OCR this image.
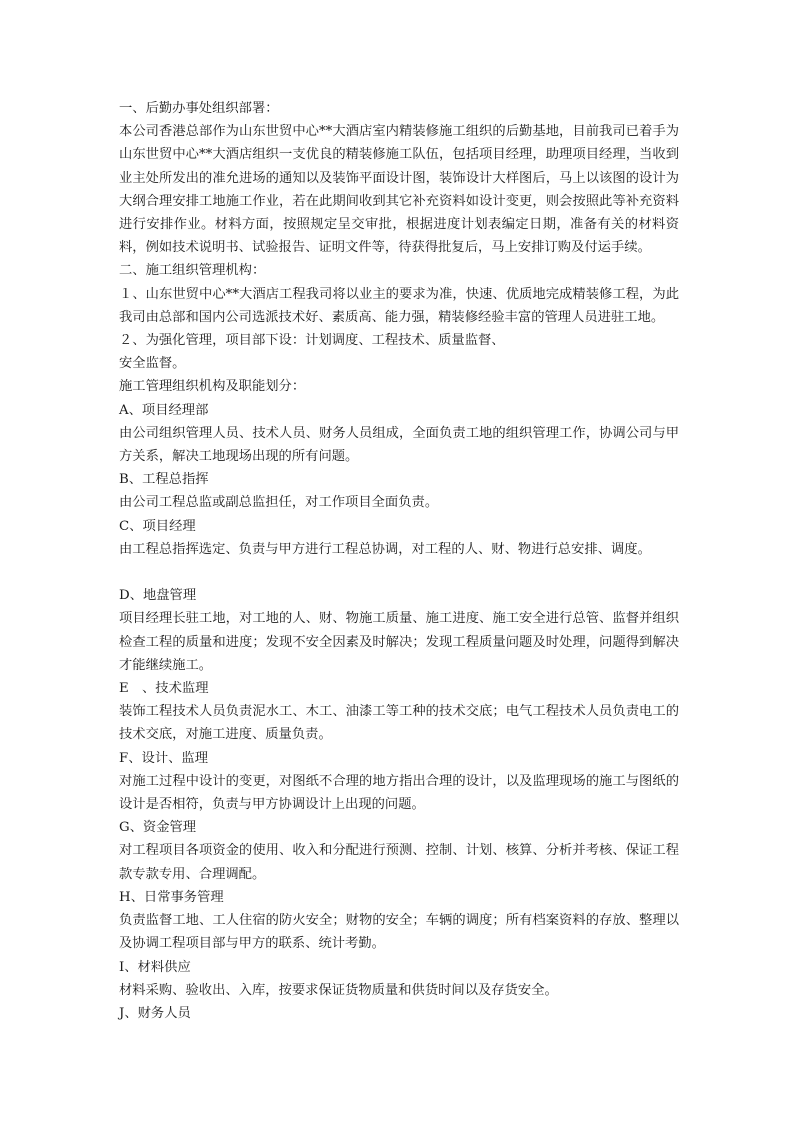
一、后勤办事处组织部署：

本公司香港总部作为山东世贸中心**大酒店室内精装修施工组织的后勤基地，目前我司已着手为山东世贸中心**大酒店组织一支优良的精装修施工队伍，包括项目经理，助理项目经理，当收到业主处所发出的准允进场的通知以及装饰平面设计图，装饰设计大样图后，马上以该图的设计为大纲合理安排工地施工作业，若在此期间收到其它补充资料如设计变更，则会按照此等补充资料进行安排作业。材料方面，按照规定呈交审批，根据进度计划表编定日期，准备有关的材料资料，例如技术说明书、试验报告、证明文件等，待获得批复后，马上安排订购及付运手续。

二、施工组织管理机构：

１、山东世贸中心**大酒店工程我司将以业主的要求为准，快速、优质地完成精装修工程，为此我司由总部和国内公司选派技术好、素质高、能力强，精装修经验丰富的管理人员进驻工地。

２、为强化管理，项目部下设：计划调度、工程技术、质量监督、

安全监督。

施工管理组织机构及职能划分：

A、项目经理部

由公司组织管理人员、技术人员、财务人员组成，全面负责工地的组织管理工作，协调公司与甲方关系，解决工地现场出现的所有问题。

B、工程总指挥

由公司工程总监或副总监担任，对工作项目全面负责。

C、项目经理

由工程总指挥选定、负责与甲方进行工程总协调，对工程的人、财、物进行总安排、调度。

D、地盘管理

项目经理长驻工地，对工地的人、财、物施工质量、施工进度、施工安全进行总管、监督并组织检查工程的质量和进度；发现不安全因素及时解决；发现工程质量问题及时处理，问题得到解决才能继续施工。

E　、技术监理

装饰工程技术人员负责泥水工、木工、油漆工等工种的技术交底；电气工程技术人员负责电工的技术交底，对施工进度、质量负责。

F、设计、监理

对施工过程中设计的变更，对图纸不合理的地方指出合理的设计，以及监理现场的施工与图纸的设计是否相符，负责与甲方协调设计上出现的问题。

G、资金管理

对工程项目各项资金的使用、收入和分配进行预测、控制、计划、核算、分析并考核、保证工程款专款专用、合理调配。

H、日常事务管理

负责监督工地、工人住宿的防火安全；财物的安全；车辆的调度；所有档案资料的存放、整理以及协调工程项目部与甲方的联系、统计考勤。

I、材料供应

材料采购、验收出、入库，按要求保证货物质量和供货时间以及存货安全。

J、财务人员
